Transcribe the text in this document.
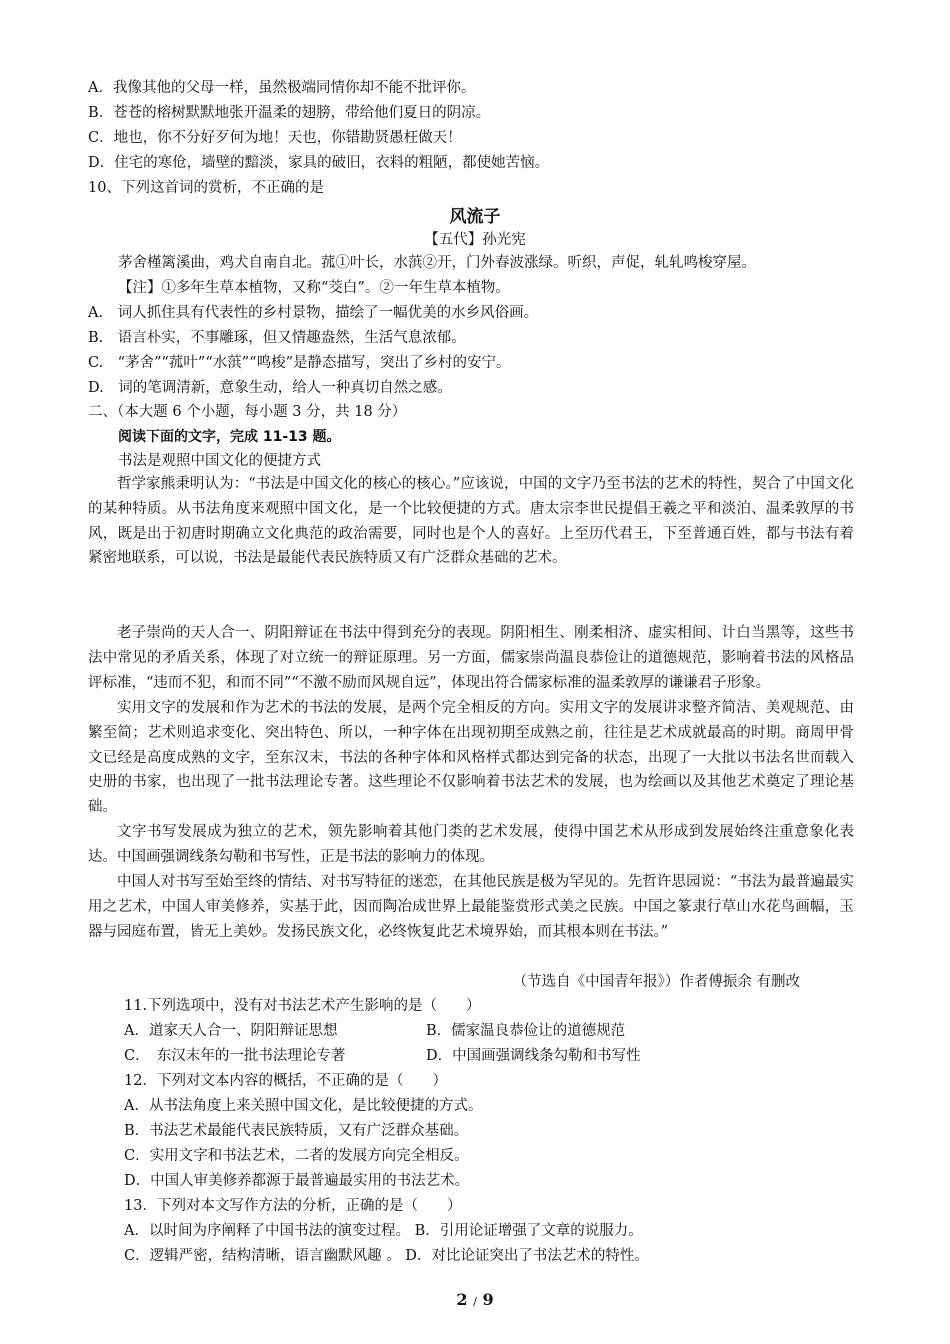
A．我像其他的父母一样，虽然极端同情你却不能不批评你。
B．苍苍的榕树默默地张开温柔的翅膀，带给他们夏日的阴凉。
C．地也，你不分好歹何为地！天也，你错勘贤愚枉做天！
D．住宅的寒伧，墙壁的黯淡，家具的破旧，衣料的粗陋，都使她苦恼。
10、下列这首词的赏析，不正确的是
风流子
【五代】孙光宪
茅舍槿篱溪曲，鸡犬自南自北。菰①叶长，水葓②开，门外春波涨绿。听织，声促，轧轧鸣梭穿屋。
【注】①多年生草本植物，又称“茭白”。②一年生草本植物。
A.　词人抓住具有代表性的乡村景物，描绘了一幅优美的水乡风俗画。
B.　语言朴实，不事雕琢，但又情趣盎然，生活气息浓郁。
C.　“茅舍”“菰叶”“水葓”“鸣梭”是静态描写，突出了乡村的安宁。
D.　词的笔调清新，意象生动，给人一种真切自然之感。
二、（本大题 6 个小题，每小题 3 分，共 18 分）
阅读下面的文字，完成 11-13 题。
书法是观照中国文化的便捷方式
哲学家熊秉明认为：“书法是中国文化的核心的核心。”应该说，中国的文字乃至书法的艺术的特性，契合了中国文化的某种特质。从书法角度来观照中国文化，是一个比较便捷的方式。唐太宗李世民提倡王羲之平和淡泊、温柔敦厚的书风，既是出于初唐时期确立文化典范的政治需要，同时也是个人的喜好。上至历代君王，下至普通百姓，都与书法有着紧密地联系，可以说，书法是最能代表民族特质又有广泛群众基础的艺术。
老子崇尚的天人合一、阴阳辩证在书法中得到充分的表现。阴阳相生、刚柔相济、虚实相间、计白当黑等，这些书法中常见的矛盾关系，体现了对立统一的辩证原理。另一方面，儒家崇尚温良恭俭让的道德规范，影响着书法的风格品评标准，“违而不犯，和而不同”“不激不励而风规自远”，体现出符合儒家标准的温柔敦厚的谦谦君子形象。
实用文字的发展和作为艺术的书法的发展，是两个完全相反的方向。实用文字的发展讲求整齐简洁、美观规范、由繁至简；艺术则追求变化、突出特色、所以，一种字体在出现初期至成熟之前，往往是艺术成就最高的时期。商周甲骨文已经是高度成熟的文字，至东汉末，书法的各种字体和风格样式都达到完备的状态，出现了一大批以书法名世而载入史册的书家，也出现了一批书法理论专著。这些理论不仅影响着书法艺术的发展，也为绘画以及其他艺术奠定了理论基础。
文字书写发展成为独立的艺术，领先影响着其他门类的艺术发展，使得中国艺术从形成到发展始终注重意象化表达。中国画强调线条勾勒和书写性，正是书法的影响力的体现。
中国人对书写至始至终的情结、对书写特征的迷恋，在其他民族是极为罕见的。先哲许思园说：“书法为最普遍最实用之艺术，中国人审美修养，实基于此，因而陶冶成世界上最能鉴赏形式美之民族。中国之篆隶行草山水花鸟画幅，玉器与园庭布置，皆无上美妙。发扬民族文化，必终恢复此艺术境界始，而其根本则在书法。”
（节选自《中国青年报》）作者傅振余 有删改
11.下列选项中，没有对书法艺术产生影响的是（　　）
A．道家天人合一、阴阳辩证思想	B．儒家温良恭俭让的道德规范
C．　东汉末年的一批书法理论专著	D．中国画强调线条勾勒和书写性
12．下列对文本内容的概括，不正确的是（　　）
A．从书法角度上来关照中国文化，是比较便捷的方式。
B．书法艺术最能代表民族特质，又有广泛群众基础。
C．实用文字和书法艺术，二者的发展方向完全相反。
D．中国人审美修养都源于最普遍最实用的书法艺术。
13．下列对本文写作方法的分析，正确的是（　　）
A．以时间为序阐释了中国书法的演变过程。 B．引用论证增强了文章的说服力。
C．逻辑严密，结构清晰，语言幽默风趣 。 D．对比论证突出了书法艺术的特性。
2 / 9
